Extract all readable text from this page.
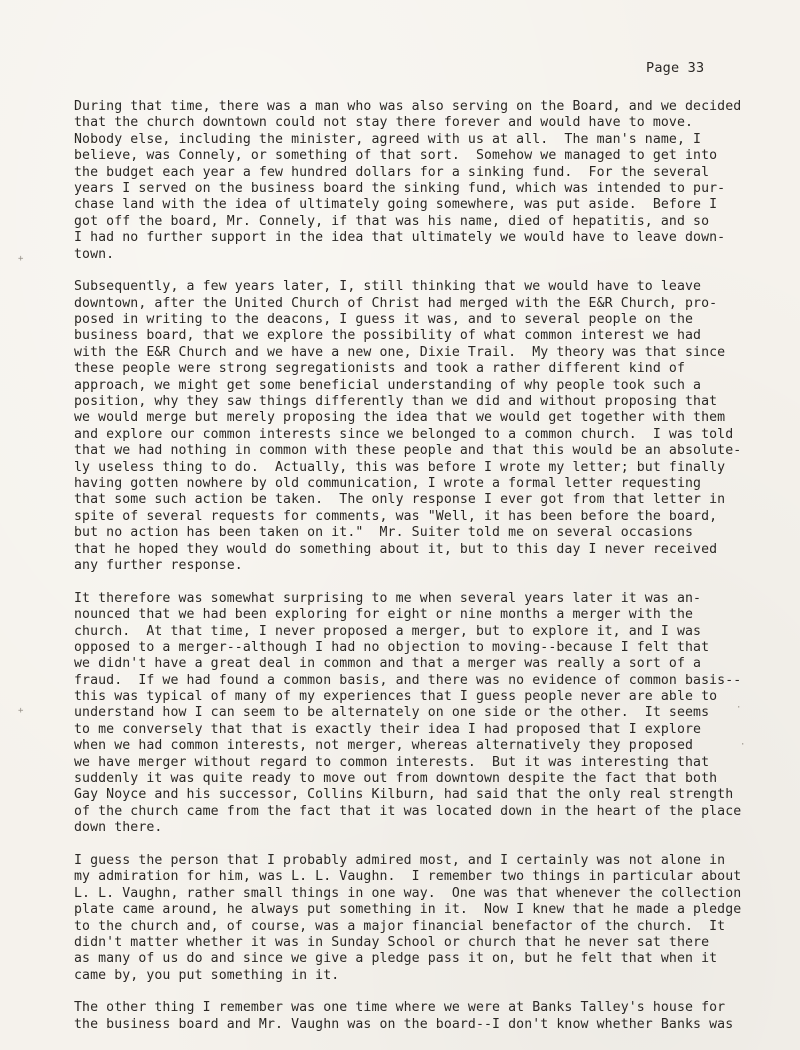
Page 33
During that time, there was a man who was also serving on the Board, and we decided
that the church downtown could not stay there forever and would have to move.
Nobody else, including the minister, agreed with us at all.  The man's name, I
believe, was Connely, or something of that sort.  Somehow we managed to get into
the budget each year a few hundred dollars for a sinking fund.  For the several
years I served on the business board the sinking fund, which was intended to pur-
chase land with the idea of ultimately going somewhere, was put aside.  Before I
got off the board, Mr. Connely, if that was his name, died of hepatitis, and so
I had no further support in the idea that ultimately we would have to leave down-
town.
Subsequently, a few years later, I, still thinking that we would have to leave
downtown, after the United Church of Christ had merged with the E&R Church, pro-
posed in writing to the deacons, I guess it was, and to several people on the
business board, that we explore the possibility of what common interest we had
with the E&R Church and we have a new one, Dixie Trail.  My theory was that since
these people were strong segregationists and took a rather different kind of
approach, we might get some beneficial understanding of why people took such a
position, why they saw things differently than we did and without proposing that
we would merge but merely proposing the idea that we would get together with them
and explore our common interests since we belonged to a common church.  I was told
that we had nothing in common with these people and that this would be an absolute-
ly useless thing to do.  Actually, this was before I wrote my letter; but finally
having gotten nowhere by old communication, I wrote a formal letter requesting
that some such action be taken.  The only response I ever got from that letter in
spite of several requests for comments, was "Well, it has been before the board,
but no action has been taken on it."  Mr. Suiter told me on several occasions
that he hoped they would do something about it, but to this day I never received
any further response.
It therefore was somewhat surprising to me when several years later it was an-
nounced that we had been exploring for eight or nine months a merger with the
church.  At that time, I never proposed a merger, but to explore it, and I was
opposed to a merger--although I had no objection to moving--because I felt that
we didn't have a great deal in common and that a merger was really a sort of a
fraud.  If we had found a common basis, and there was no evidence of common basis--
this was typical of many of my experiences that I guess people never are able to
understand how I can seem to be alternately on one side or the other.  It seems
to me conversely that that is exactly their idea I had proposed that I explore
when we had common interests, not merger, whereas alternatively they proposed
we have merger without regard to common interests.  But it was interesting that
suddenly it was quite ready to move out from downtown despite the fact that both
Gay Noyce and his successor, Collins Kilburn, had said that the only real strength
of the church came from the fact that it was located down in the heart of the place
down there.
I guess the person that I probably admired most, and I certainly was not alone in
my admiration for him, was L. L. Vaughn.  I remember two things in particular about
L. L. Vaughn, rather small things in one way.  One was that whenever the collection
plate came around, he always put something in it.  Now I knew that he made a pledge
to the church and, of course, was a major financial benefactor of the church.  It
didn't matter whether it was in Sunday School or church that he never sat there
as many of us do and since we give a pledge pass it on, but he felt that when it
came by, you put something in it.
The other thing I remember was one time where we were at Banks Talley's house for
the business board and Mr. Vaughn was on the board--I don't know whether Banks was
+
+	·
·
